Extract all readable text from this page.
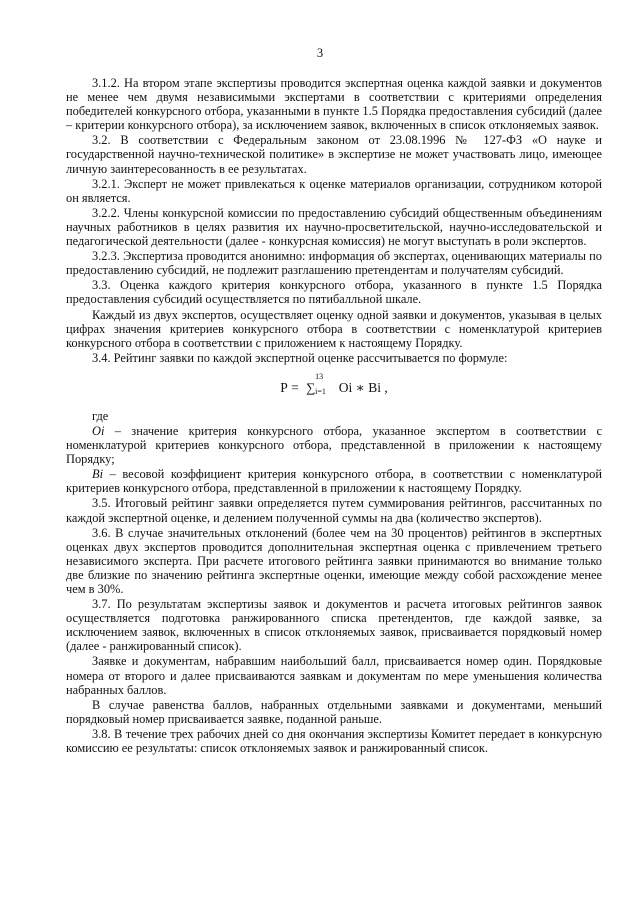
3

3.1.2. На втором этапе экспертизы проводится экспертная оценка каждой заявки и документов не менее чем двумя независимыми экспертами в соответствии с критериями определения победителей конкурсного отбора, указанными в пункте 1.5 Порядка предоставления субсидий (далее – критерии конкурсного отбора), за исключением заявок, включенных в список отклоняемых заявок.

3.2. В соответствии с Федеральным законом от 23.08.1996 № 127-ФЗ «О науке и государственной научно-технической политике» в экспертизе не может участвовать лицо, имеющее личную заинтересованность в ее результатах.

3.2.1. Эксперт не может привлекаться к оценке материалов организации, сотрудником которой он является.

3.2.2. Члены конкурсной комиссии по предоставлению субсидий общественным объединениям научных работников в целях развития их научно-просветительской, научно-исследовательской и педагогической деятельности (далее - конкурсная комиссия) не могут выступать в роли экспертов.

3.2.3. Экспертиза проводится анонимно: информация об экспертах, оценивающих материалы по предоставлению субсидий, не подлежит разглашению претендентам и получателям субсидий.

3.3. Оценка каждого критерия конкурсного отбора, указанного в пункте 1.5 Порядка предоставления субсидий осуществляется по пятибалльной шкале.

Каждый из двух экспертов, осуществляет оценку одной заявки и документов, указывая в целых цифрах значения критериев конкурсного отбора в соответствии с номенклатурой критериев конкурсного отбора в соответствии с приложением к настоящему Порядку.

3.4. Рейтинг заявки по каждой экспертной оценке рассчитывается по формуле:

Р = ∑
13
i=1 Oi ∗ Bi ,

где

Oi – значение критерия конкурсного отбора, указанное экспертом в соответствии с номенклатурой критериев конкурсного отбора, представленной в приложении к настоящему Порядку;

Bi – весовой коэффициент критерия конкурсного отбора, в соответствии с номенклатурой критериев конкурсного отбора, представленной в приложении к настоящему Порядку.

3.5. Итоговый рейтинг заявки определяется путем суммирования рейтингов, рассчитанных по каждой экспертной оценке, и делением полученной суммы на два (количество экспертов).

3.6. В случае значительных отклонений (более чем на 30 процентов) рейтингов в экспертных оценках двух экспертов проводится дополнительная экспертная оценка с привлечением третьего независимого эксперта. При расчете итогового рейтинга заявки принимаются во внимание только две близкие по значению рейтинга экспертные оценки, имеющие между собой расхождение менее чем в 30%.

3.7. По результатам экспертизы заявок и документов и расчета итоговых рейтингов заявок осуществляется подготовка ранжированного списка претендентов, где каждой заявке, за исключением заявок, включенных в список отклоняемых заявок, присваивается порядковый номер (далее - ранжированный список).

Заявке и документам, набравшим наибольший балл, присваивается номер один. Порядковые номера от второго и далее присваиваются заявкам и документам по мере уменьшения количества набранных баллов.

В случае равенства баллов, набранных отдельными заявками и документами, меньший порядковый номер присваивается заявке, поданной раньше.

3.8. В течение трех рабочих дней со дня окончания экспертизы Комитет передает в конкурсную комиссию ее результаты: список отклоняемых заявок и ранжированный список.
